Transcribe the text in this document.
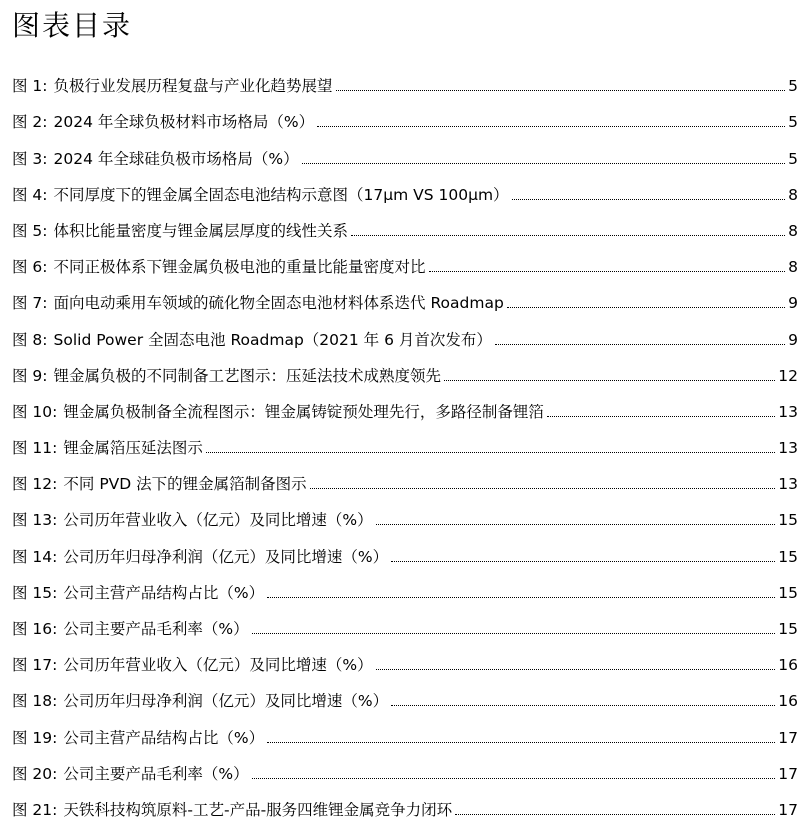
图表目录
图 1 : 负极行业发展历程复盘与产业化趋势展望	5
图 2 : 2024 年全球负极材料市场格局（%）	5
图 3 : 2024 年全球硅负极市场格局（%）	5
图 4 : 不同厚度下的锂金属全固态电池结构示意图（17μm VS 100μm）	8
图 5 : 体积比能量密度与锂金属层厚度的线性关系	8
图 6 : 不同正极体系下锂金属负极电池的重量比能量密度对比	8
图 7 : 面向电动乘用车领域的硫化物全固态电池材料体系迭代 Roadmap	9
图 8 : Solid Power 全固态电池 Roadmap（2021 年 6 月首次发布）	9
图 9 : 锂金属负极的不同制备工艺图示：压延法技术成熟度领先	12
图 10 : 锂金属负极制备全流程图示：锂金属铸锭预处理先行，多路径制备锂箔	13
图 11 : 锂金属箔压延法图示	13
图 12 : 不同 PVD 法下的锂金属箔制备图示	13
图 13 : 公司历年营业收入（亿元）及同比增速（%）	15
图 14 : 公司历年归母净利润（亿元）及同比增速（%）	15
图 15 : 公司主营产品结构占比（%）	15
图 16 : 公司主要产品毛利率（%）	15
图 17 : 公司历年营业收入（亿元）及同比增速（%）	16
图 18 : 公司历年归母净利润（亿元）及同比增速（%）	16
图 19 : 公司主营产品结构占比（%）	17
图 20 : 公司主要产品毛利率（%）	17
图 21 : 天铁科技构筑原料-工艺-产品-服务四维锂金属竞争力闭环	17
